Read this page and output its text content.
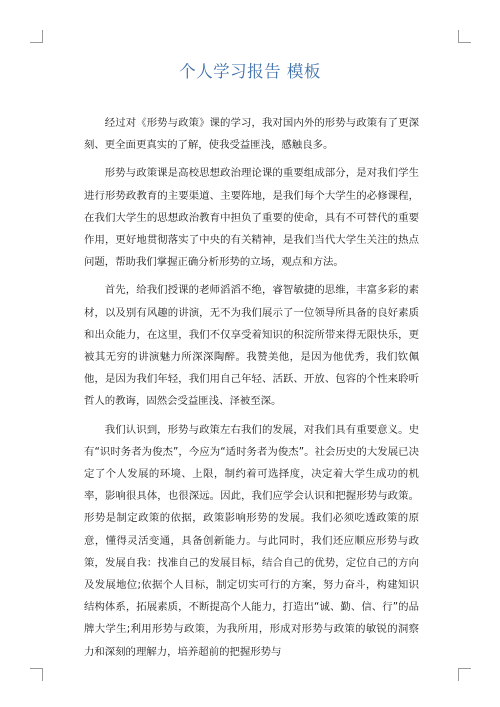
个人学习报告 模板

经过对《形势与政策》课的学习，我对国内外的形势与政策有了更深刻、更全面更真实的了解，使我受益匪浅，感触良多。

形势与政策课是高校思想政治理论课的重要组成部分，是对我们学生进行形势政教育的主要渠道、主要阵地，是我们每个大学生的必修课程，在我们大学生的思想政治教育中担负了重要的使命，具有不可替代的重要作用，更好地贯彻落实了中央的有关精神，是我们当代大学生关注的热点问题，帮助我们掌握正确分析形势的立场，观点和方法。

首先，给我们授课的老师滔滔不绝，睿智敏捷的思维，丰富多彩的素材，以及别有风趣的讲演，无不为我们展示了一位领导所具备的良好素质和出众能力，在这里，我们不仅享受着知识的积淀所带来得无限快乐，更被其无穷的讲演魅力所深深陶醉。我赞美他，是因为他优秀，我们钦佩他，是因为我们年轻，我们用自己年轻、活跃、开放、包容的个性来聆听哲人的教诲，固然会受益匪浅、泽被至深。

我们认识到，形势与政策左右我们的发展，对我们具有重要意义。史有“识时务者为俊杰”，今应为“适时务者为俊杰”。社会历史的大发展已决定了个人发展的环境、上限，制约着可选择度，决定着大学生成功的机率，影响很具体，也很深远。因此，我们应学会认识和把握形势与政策。形势是制定政策的依据，政策影响形势的发展。我们必须吃透政策的原意，懂得灵活变通，具备创新能力。与此同时，我们还应顺应形势与政策，发展自我：找准自己的发展目标，结合自己的优势，定位自己的方向及发展地位;依据个人目标，制定切实可行的方案，努力奋斗，构建知识结构体系，拓展素质，不断提高个人能力，打造出“诚、勤、信、行”的品牌大学生;利用形势与政策，为我所用，形成对形势与政策的敏锐的洞察力和深刻的理解力，培养超前的把握形势与
